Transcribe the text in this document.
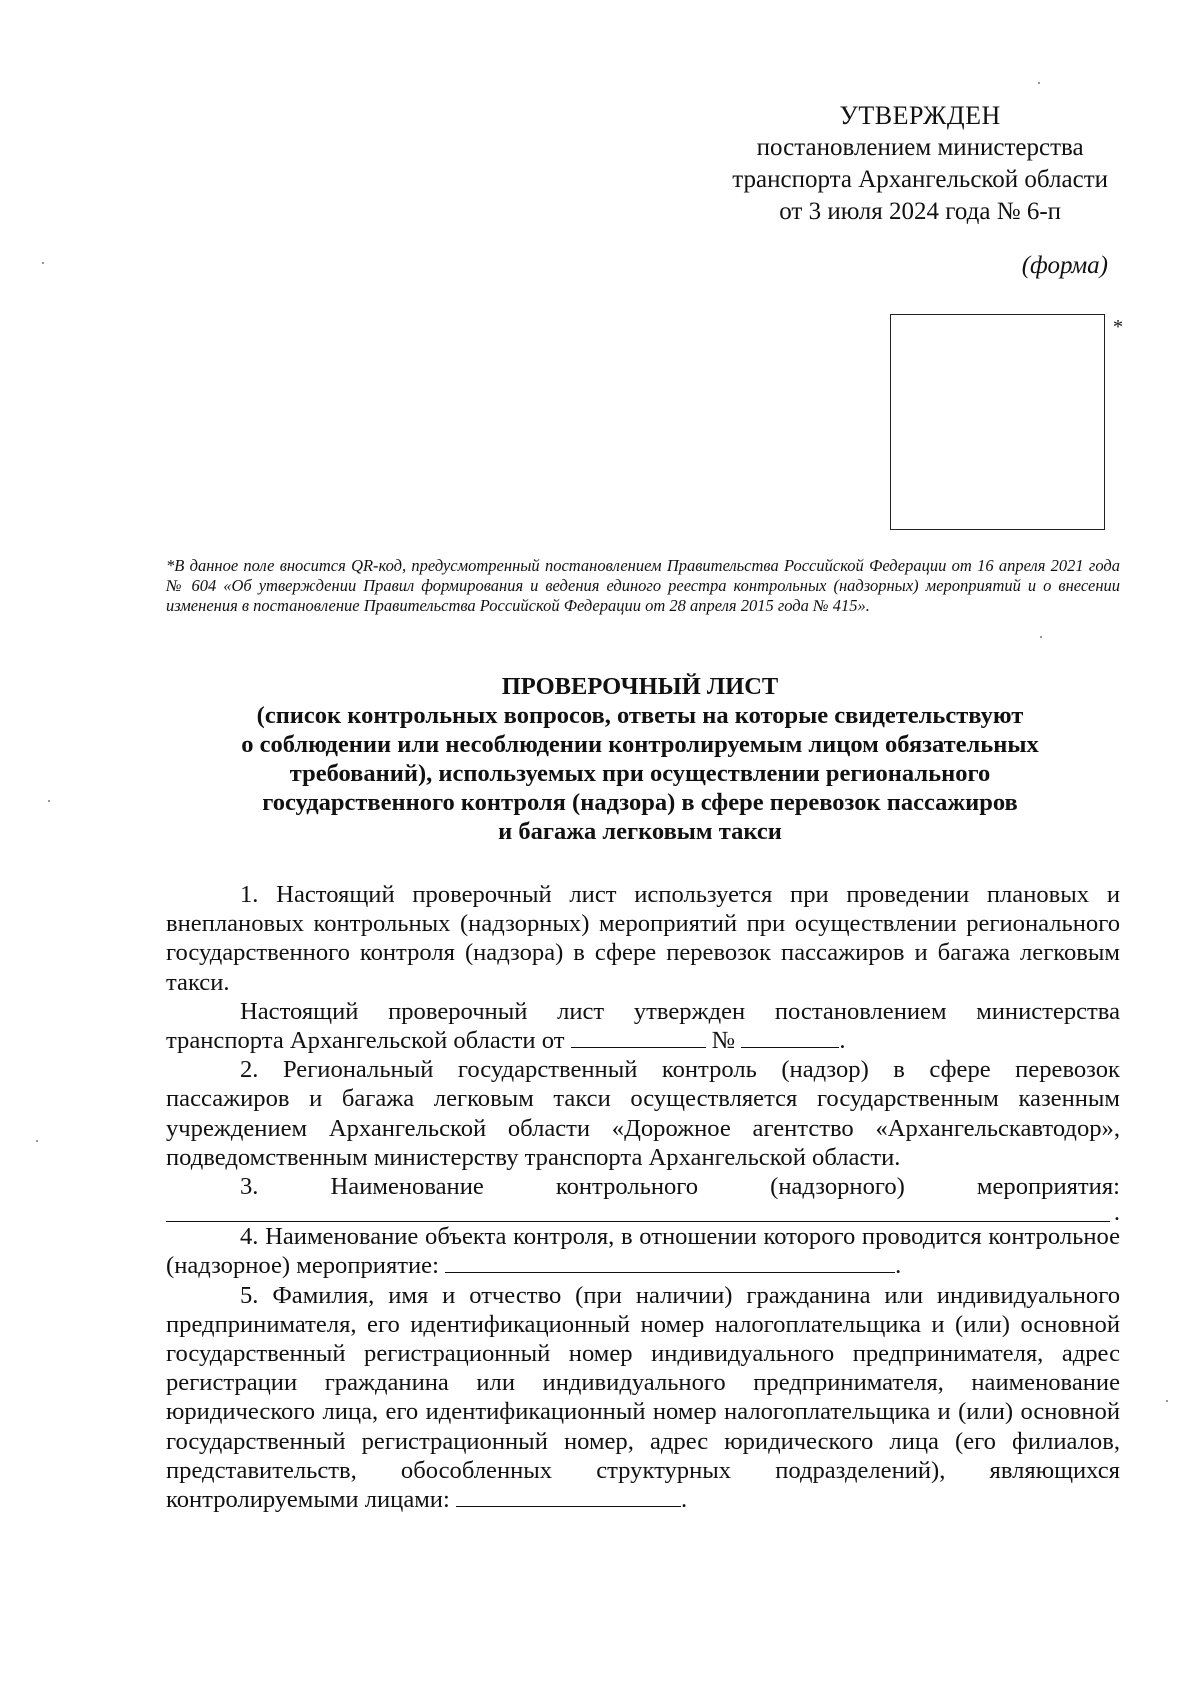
УТВЕРЖДЕН
постановлением министерства
транспорта Архангельской области
от 3 июля 2024 года № 6-п
(форма)
*
*В данное поле вносится QR-код, предусмотренный постановлением Правительства Российской Федерации от 16 апреля 2021 года № 604 «Об утверждении Правил формирования и ведения единого реестра контрольных (надзорных) мероприятий и о внесении изменения в постановление Правительства Российской Федерации от 28 апреля 2015 года № 415».
ПРОВЕРОЧНЫЙ ЛИСТ
(список контрольных вопросов, ответы на которые свидетельствуют
о соблюдении или несоблюдении контролируемым лицом обязательных
требований), используемых при осуществлении регионального
государственного контроля (надзора) в сфере перевозок пассажиров
и багажа легковым такси

1. Настоящий проверочный лист используется при проведении плановых и внеплановых контрольных (надзорных) мероприятий при осуществлении регионального государственного контроля (надзора) в сфере перевозок пассажиров и багажа легковым такси.

Настоящий проверочный лист утвержден постановлением министерства транспорта Архангельской области от	№	.

2. Региональный государственный контроль (надзор) в сфере перевозок пассажиров и багажа легковым такси осуществляется государственным казенным учреждением Архангельской области «Дорожное агентство «Архангельскавтодор», подведомственным министерству транспорта Архангельской области.

3. Наименование контрольного (надзорного) мероприятия:

.

4. Наименование объекта контроля, в отношении которого проводится контрольное (надзорное) мероприятие:	.

5. Фамилия, имя и отчество (при наличии) гражданина или индивидуального предпринимателя, его идентификационный номер налогоплательщика и (или) основной государственный регистрационный номер индивидуального предпринимателя, адрес регистрации гражданина или индивидуального предпринимателя, наименование юридического лица, его идентификационный номер налогоплательщика и (или) основной государственный регистрационный номер, адрес юридического лица (его филиалов, представительств, обособленных структурных подразделений), являющихся контролируемыми лицами:	.
